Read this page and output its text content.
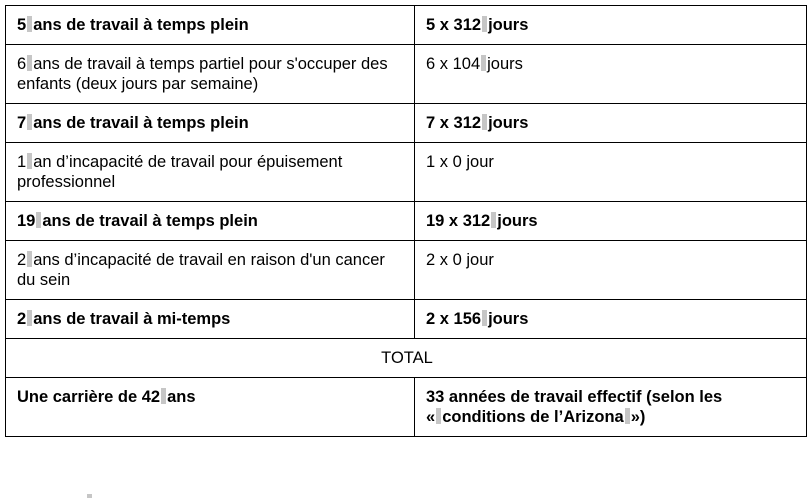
5 ans de travail à temps plein	5 x 312 jours
6 ans de travail à temps partiel pour s'occuper des enfants (deux jours par semaine)	6 x 104 jours
7 ans de travail à temps plein	7 x 312 jours
1 an d’incapacité de travail pour épuisement professionnel	1 x 0 jour
19 ans de travail à temps plein	19 x 312 jours
2 ans d’incapacité de travail en raison d'un cancer du sein	2 x 0 jour
2 ans de travail à mi-temps	2 x 156 jours
TOTAL	
Une carrière de 42 ans	33 années de travail effectif (selon les
« conditions de l’Arizona »)
